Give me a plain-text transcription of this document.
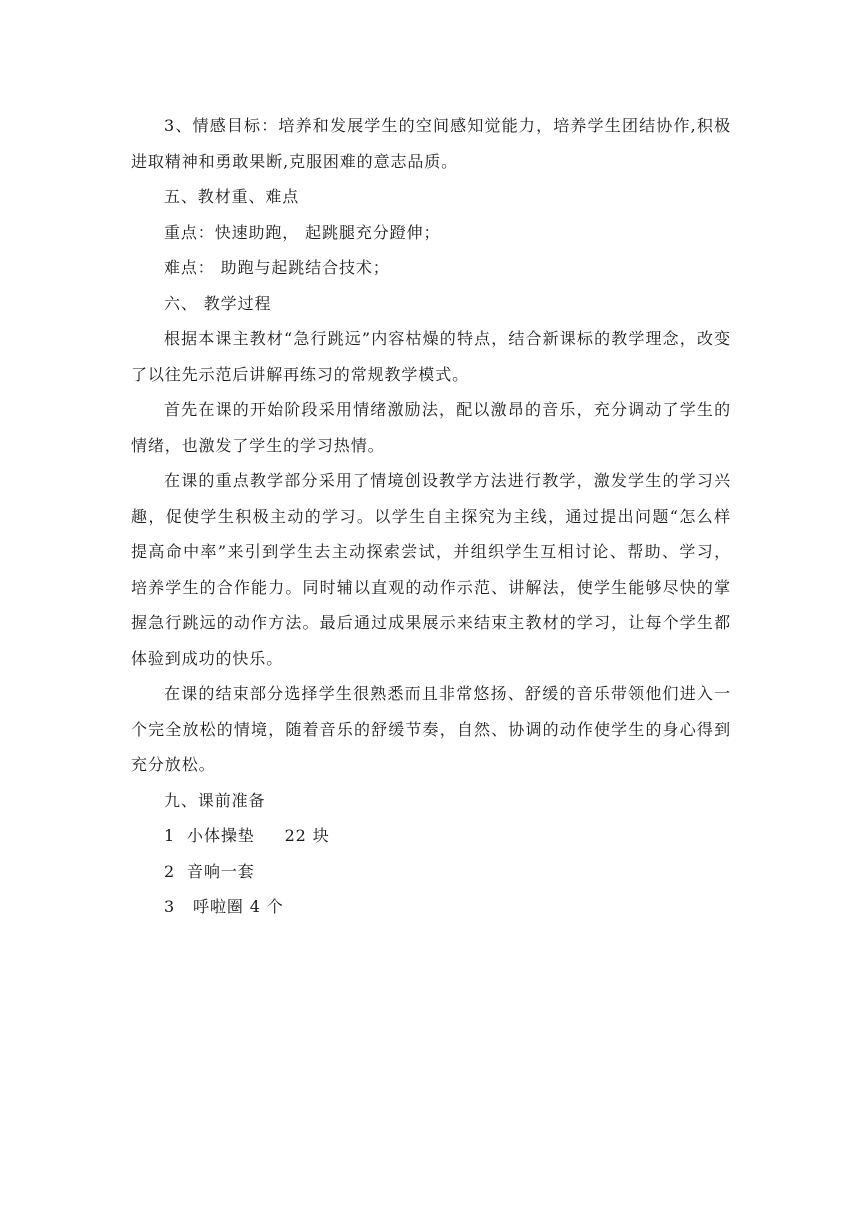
3、情感目标：培养和发展学生的空间感知觉能力，培养学生团结协作,积极进取精神和勇敢果断,克服困难的意志品质。

五、教材重、难点

重点：快速助跑， 起跳腿充分蹬伸；

难点： 助跑与起跳结合技术；

六、 教学过程

根据本课主教材“急行跳远”内容枯燥的特点，结合新课标的教学理念，改变了以往先示范后讲解再练习的常规教学模式。

首先在课的开始阶段采用情绪激励法，配以激昂的音乐，充分调动了学生的情绪，也激发了学生的学习热情。

在课的重点教学部分采用了情境创设教学方法进行教学，激发学生的学习兴趣，促使学生积极主动的学习。以学生自主探究为主线，通过提出问题“怎么样提高命中率”来引到学生去主动探索尝试，并组织学生互相讨论、帮助、学习，培养学生的合作能力。同时辅以直观的动作示范、讲解法，使学生能够尽快的掌握急行跳远的动作方法。最后通过成果展示来结束主教材的学习，让每个学生都体验到成功的快乐。

在课的结束部分选择学生很熟悉而且非常悠扬、舒缓的音乐带领他们进入一个完全放松的情境，随着音乐的舒缓节奏，自然、协调的动作使学生的身心得到充分放松。

九、课前准备

1  小体操垫     22 块

2  音响一套

3   呼啦圈 4 个
